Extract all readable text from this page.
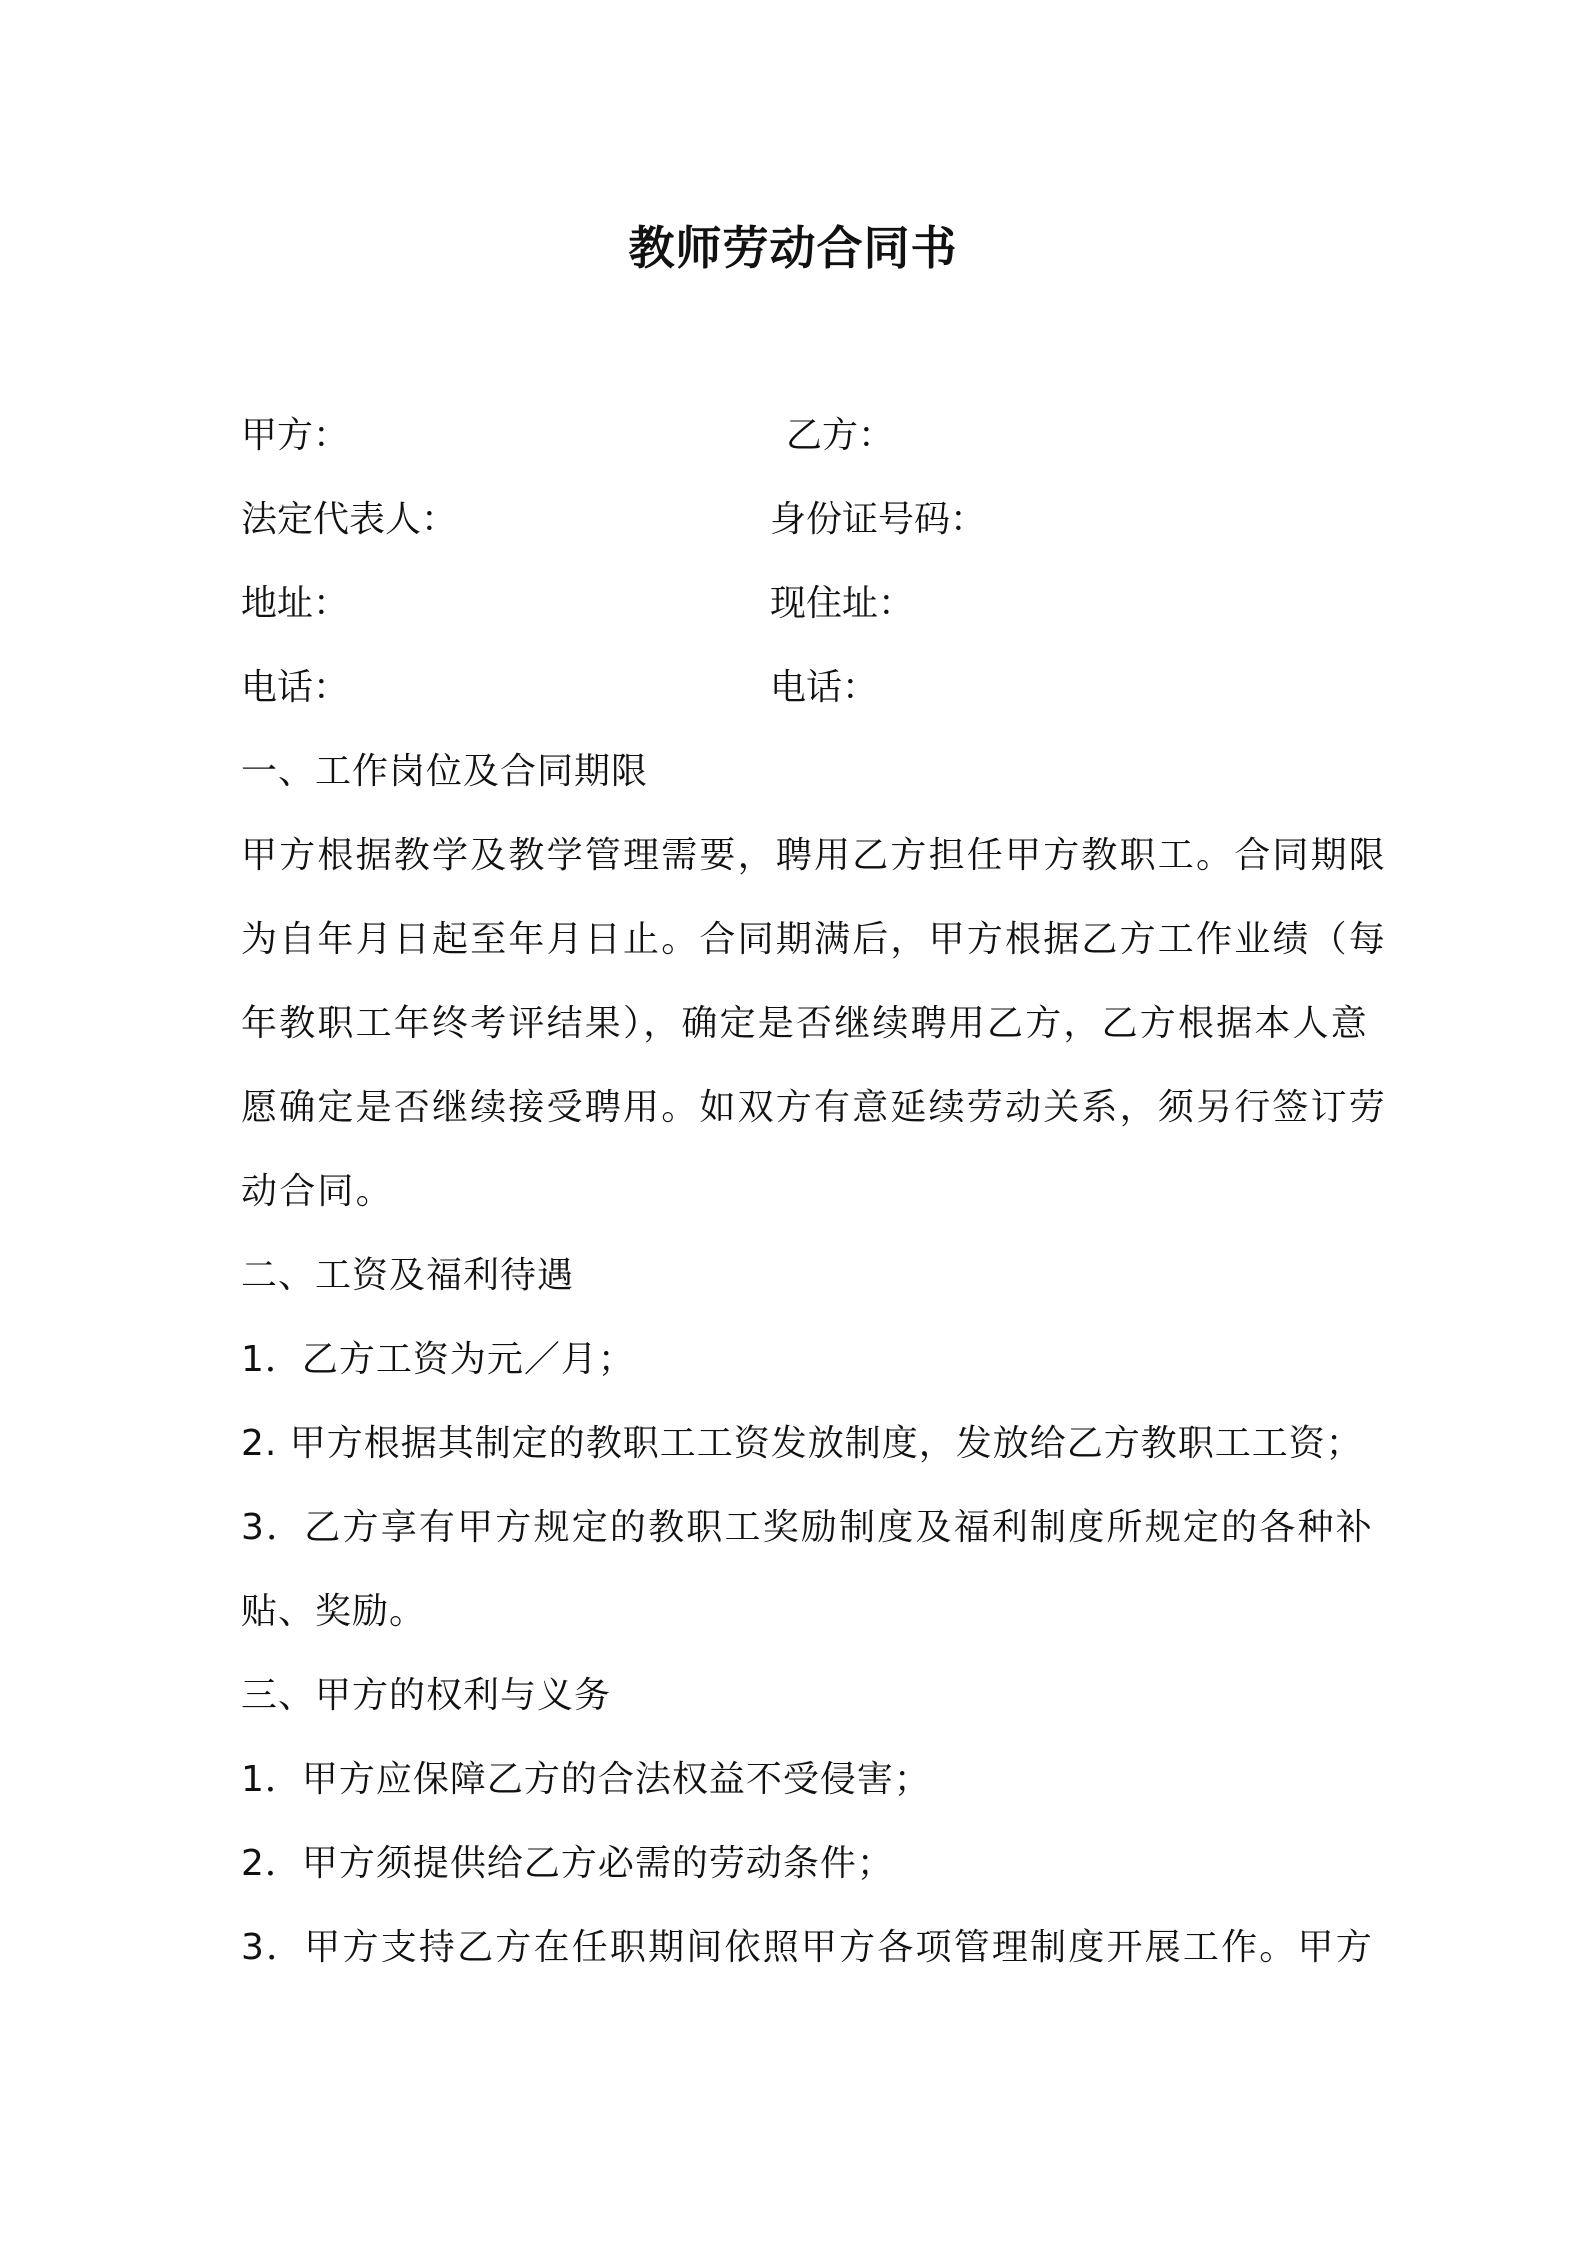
教师劳动合同书
甲方：	乙方：
法定代表人：	身份证号码：
地址：	现住址：
电话：	电话：
一、工作岗位及合同期限
甲方根据教学及教学管理需要，聘用乙方担任甲方教职工。合同期限
为自年月日起至年月日止。合同期满后，甲方根据乙方工作业绩（每
年教职工年终考评结果），确定是否继续聘用乙方，乙方根据本人意
愿确定是否继续接受聘用。如双方有意延续劳动关系，须另行签订劳
动合同。
二、工资及福利待遇
1．乙方工资为元／月；
2. 甲方根据其制定的教职工工资发放制度，发放给乙方教职工工资；
3．乙方享有甲方规定的教职工奖励制度及福利制度所规定的各种补
贴、奖励。
三、甲方的权利与义务
1．甲方应保障乙方的合法权益不受侵害；
2．甲方须提供给乙方必需的劳动条件；
3．甲方支持乙方在任职期间依照甲方各项管理制度开展工作。甲方
